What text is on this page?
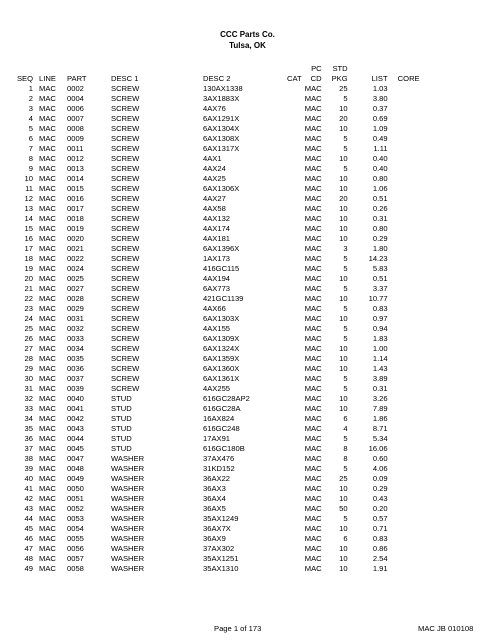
CCC Parts Co.
Tulsa, OK
						PC	STD		
SEQ	LINE	PART	DESC 1	DESC 2	CAT	CD	PKG	LIST	CORE
1	MAC	0002	SCREW	130AX1338		MAC	25	1.03	
2	MAC	0004	SCREW	3AX1883X		MAC	5	3.80	
3	MAC	0006	SCREW	4AX76		MAC	10	0.37	
4	MAC	0007	SCREW	6AX1291X		MAC	20	0.69	
5	MAC	0008	SCREW	6AX1304X		MAC	10	1.09	
6	MAC	0009	SCREW	6AX1308X		MAC	5	0.49	
7	MAC	0011	SCREW	6AX1317X		MAC	5	1.11	
8	MAC	0012	SCREW	4AX1		MAC	10	0.40	
9	MAC	0013	SCREW	4AX24		MAC	5	0.40	
10	MAC	0014	SCREW	4AX25		MAC	10	0.80	
11	MAC	0015	SCREW	6AX1306X		MAC	10	1.06	
12	MAC	0016	SCREW	4AX27		MAC	20	0.51	
13	MAC	0017	SCREW	4AX58		MAC	10	0.26	
14	MAC	0018	SCREW	4AX132		MAC	10	0.31	
15	MAC	0019	SCREW	4AX174		MAC	10	0.80	
16	MAC	0020	SCREW	4AX181		MAC	10	0.29	
17	MAC	0021	SCREW	6AX1396X		MAC	3	1.80	
18	MAC	0022	SCREW	1AX173		MAC	5	14.23	
19	MAC	0024	SCREW	416GC115		MAC	5	5.83	
20	MAC	0025	SCREW	4AX194		MAC	10	0.51	
21	MAC	0027	SCREW	6AX773		MAC	5	3.37	
22	MAC	0028	SCREW	421GC1139		MAC	10	10.77	
23	MAC	0029	SCREW	4AX66		MAC	5	0.83	
24	MAC	0031	SCREW	6AX1303X		MAC	10	0.97	
25	MAC	0032	SCREW	4AX155		MAC	5	0.94	
26	MAC	0033	SCREW	6AX1309X		MAC	5	1.83	
27	MAC	0034	SCREW	6AX1324X		MAC	10	1.00	
28	MAC	0035	SCREW	6AX1359X		MAC	10	1.14	
29	MAC	0036	SCREW	6AX1360X		MAC	10	1.43	
30	MAC	0037	SCREW	6AX1361X		MAC	5	3.89	
31	MAC	0039	SCREW	4AX255		MAC	5	0.31	
32	MAC	0040	STUD	616GC28AP2		MAC	10	3.26	
33	MAC	0041	STUD	616GC28A		MAC	10	7.89	
34	MAC	0042	STUD	16AX824		MAC	6	1.86	
35	MAC	0043	STUD	616GC248		MAC	4	8.71	
36	MAC	0044	STUD	17AX91		MAC	5	5.34	
37	MAC	0045	STUD	616GC180B		MAC	8	16.06	
38	MAC	0047	WASHER	37AX476		MAC	8	0.60	
39	MAC	0048	WASHER	31KD152		MAC	5	4.06	
40	MAC	0049	WASHER	36AX22		MAC	25	0.09	
41	MAC	0050	WASHER	36AX3		MAC	10	0.29	
42	MAC	0051	WASHER	36AX4		MAC	10	0.43	
43	MAC	0052	WASHER	36AX5		MAC	50	0.20	
44	MAC	0053	WASHER	35AX1249		MAC	5	0.57	
45	MAC	0054	WASHER	36AX7X		MAC	10	0.71	
46	MAC	0055	WASHER	36AX9		MAC	6	0.83	
47	MAC	0056	WASHER	37AX302		MAC	10	0.86	
48	MAC	0057	WASHER	35AX1251		MAC	10	2.54	
49	MAC	0058	WASHER	35AX1310		MAC	10	1.91	
Page 1 of 173	MAC JB 010108
